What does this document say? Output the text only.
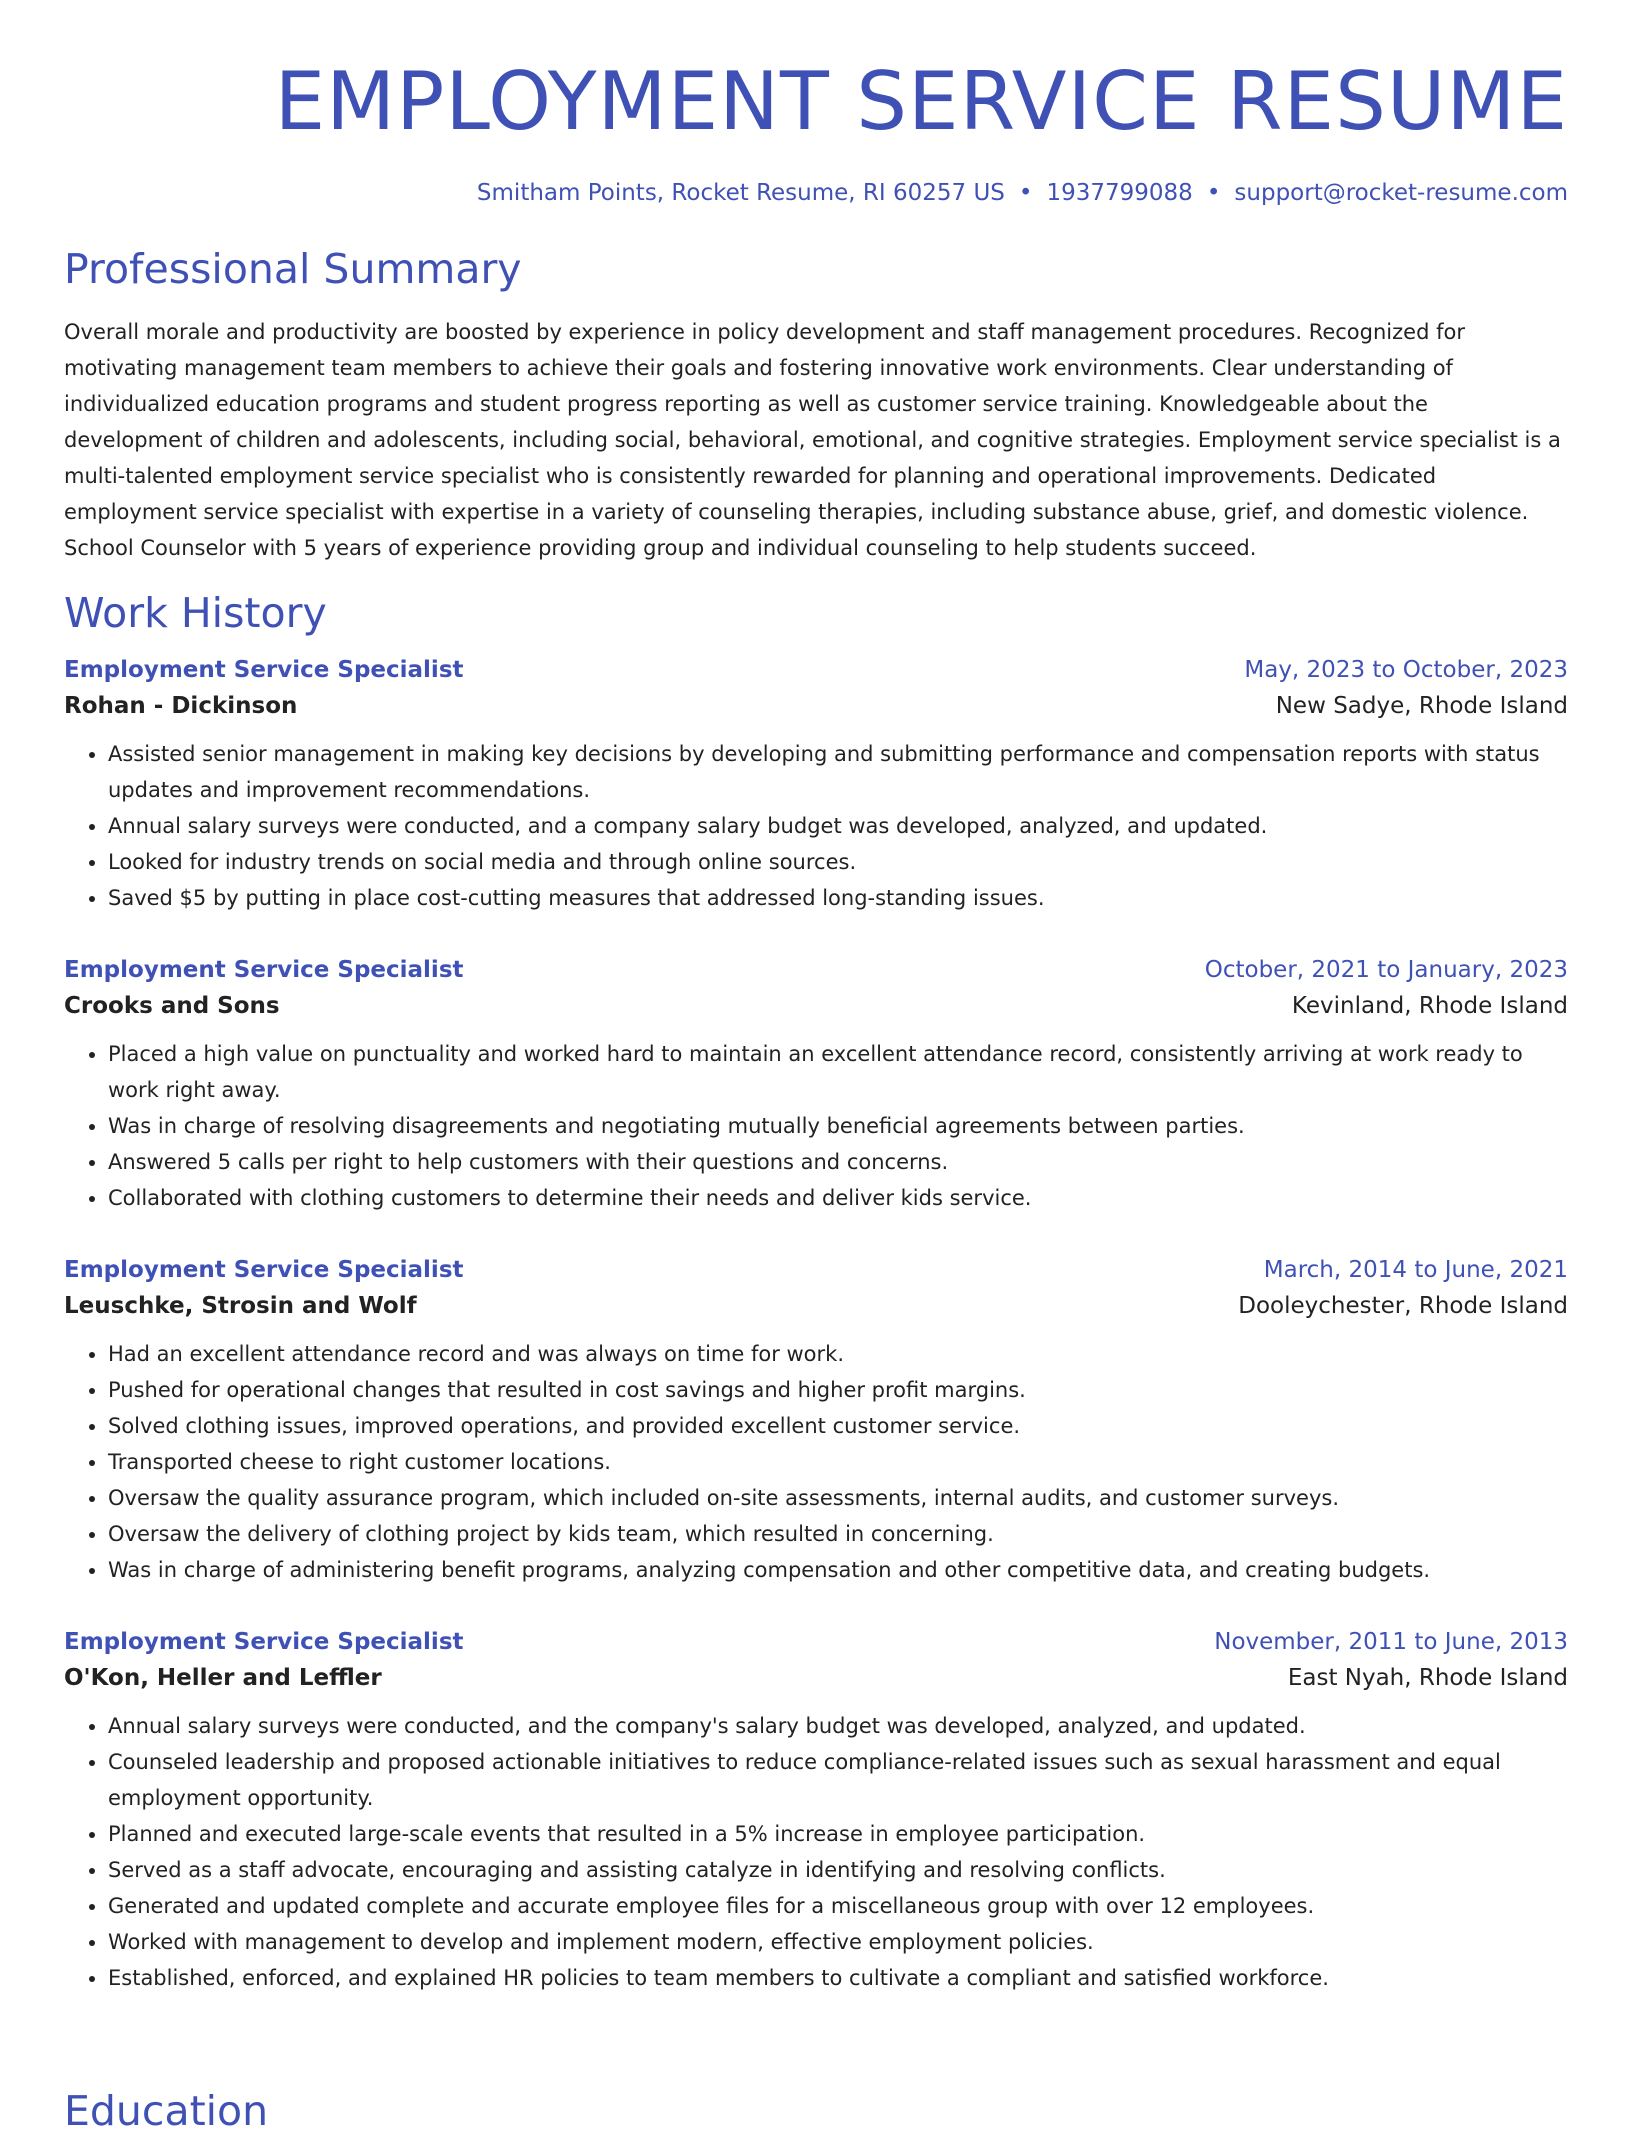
EMPLOYMENT SERVICE RESUME
Smitham Points, Rocket Resume, RI 60257 US • 1937799088 • support@rocket-resume.com
Professional Summary
Overall morale and productivity are boosted by experience in policy development and staff management procedures. Recognized for motivating management team members to achieve their goals and fostering innovative work environments. Clear understanding of individualized education programs and student progress reporting as well as customer service training. Knowledgeable about the development of children and adolescents, including social, behavioral, emotional, and cognitive strategies. Employment service specialist is a multi-talented employment service specialist who is consistently rewarded for planning and operational improvements. Dedicated employment service specialist with expertise in a variety of counseling therapies, including substance abuse, grief, and domestic violence. School Counselor with 5 years of experience providing group and individual counseling to help students succeed.
Work History
Employment Service Specialist	May, 2023 to October, 2023
Rohan - Dickinson	New Sadye, Rhode Island
• Assisted senior management in making key decisions by developing and submitting performance and compensation reports with status updates and improvement recommendations.
• Annual salary surveys were conducted, and a company salary budget was developed, analyzed, and updated.
• Looked for industry trends on social media and through online sources.
• Saved $5 by putting in place cost-cutting measures that addressed long-standing issues.
Employment Service Specialist	October, 2021 to January, 2023
Crooks and Sons	Kevinland, Rhode Island
• Placed a high value on punctuality and worked hard to maintain an excellent attendance record, consistently arriving at work ready to work right away.
• Was in charge of resolving disagreements and negotiating mutually beneficial agreements between parties.
• Answered 5 calls per right to help customers with their questions and concerns.
• Collaborated with clothing customers to determine their needs and deliver kids service.
Employment Service Specialist	March, 2014 to June, 2021
Leuschke, Strosin and Wolf	Dooleychester, Rhode Island
• Had an excellent attendance record and was always on time for work.
• Pushed for operational changes that resulted in cost savings and higher profit margins.
• Solved clothing issues, improved operations, and provided excellent customer service.
• Transported cheese to right customer locations.
• Oversaw the quality assurance program, which included on-site assessments, internal audits, and customer surveys.
• Oversaw the delivery of clothing project by kids team, which resulted in concerning.
• Was in charge of administering benefit programs, analyzing compensation and other competitive data, and creating budgets.
Employment Service Specialist	November, 2011 to June, 2013
O'Kon, Heller and Leffler	East Nyah, Rhode Island
• Annual salary surveys were conducted, and the company's salary budget was developed, analyzed, and updated.
• Counseled leadership and proposed actionable initiatives to reduce compliance-related issues such as sexual harassment and equal employment opportunity.
• Planned and executed large-scale events that resulted in a 5% increase in employee participation.
• Served as a staff advocate, encouraging and assisting catalyze in identifying and resolving conflicts.
• Generated and updated complete and accurate employee files for a miscellaneous group with over 12 employees.
• Worked with management to develop and implement modern, effective employment policies.
• Established, enforced, and explained HR policies to team members to cultivate a compliant and satisfied workforce.
Education
